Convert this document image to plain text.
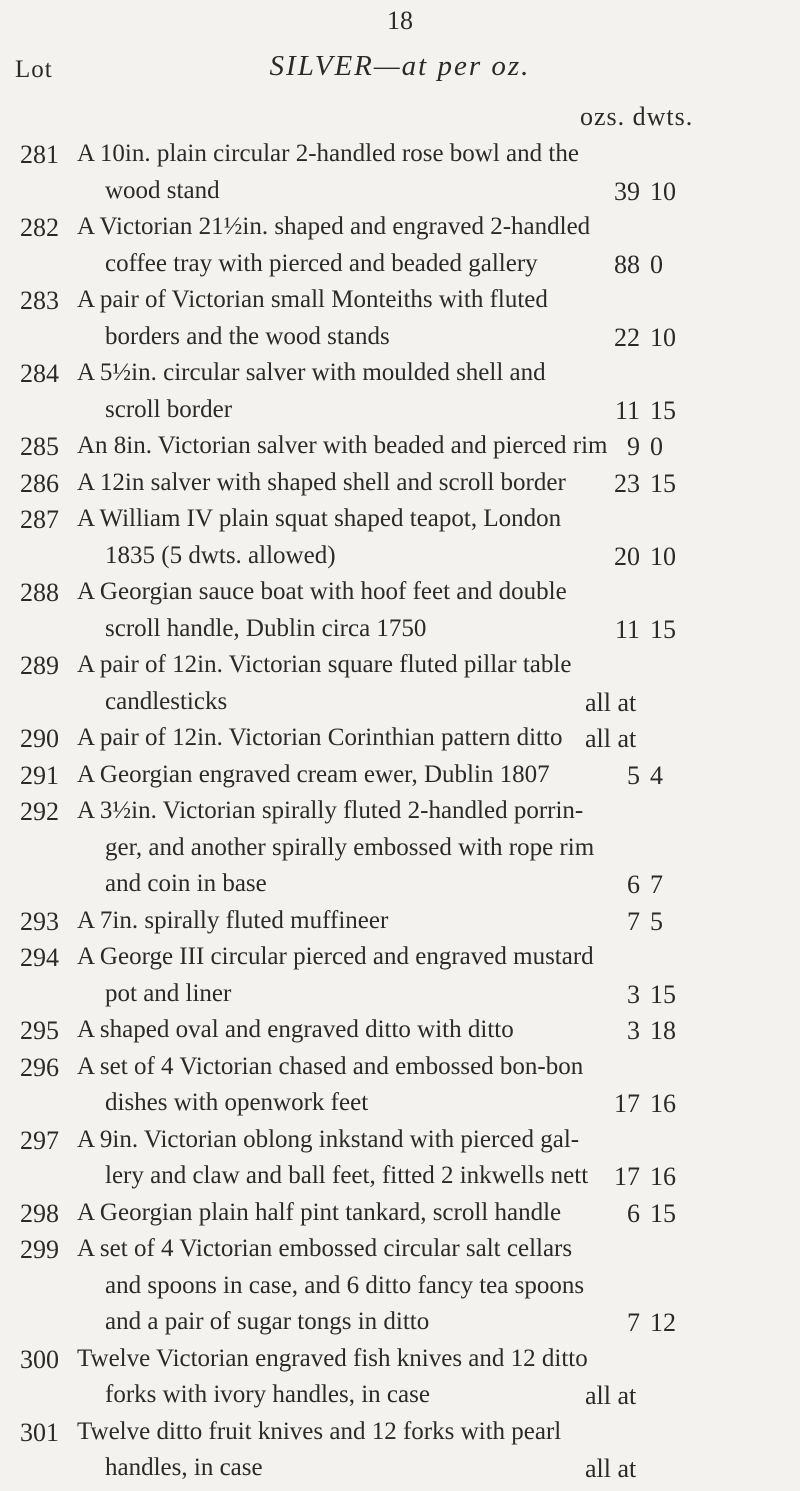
18
Lot	SILVER—at per oz.
ozs. dwts.
281 A 10in. plain circular 2-handled rose bowl and the
wood stand	39 10
282 A Victorian 21½in. shaped and engraved 2-handled
coffee tray with pierced and beaded gallery	88 0
283 A pair of Victorian small Monteiths with fluted
borders and the wood stands	22 10
284 A 5½in. circular salver with moulded shell and
scroll border	11 15
285 An 8in. Victorian salver with beaded and pierced rim 9 0
286 A 12in salver with shaped shell and scroll border	23 15
287 A William IV plain squat shaped teapot, London
1835 (5 dwts. allowed)	20 10
288 A Georgian sauce boat with hoof feet and double
scroll handle, Dublin circa 1750	11 15
289 A pair of 12in. Victorian square fluted pillar table
candlesticks	all at
290 A pair of 12in. Victorian Corinthian pattern ditto all at
291 A Georgian engraved cream ewer, Dublin 1807	5 4
292 A 3½in. Victorian spirally fluted 2-handled porrin-
ger, and another spirally embossed with rope rim
and coin in base	6 7
293 A 7in. spirally fluted muffineer	7 5
294 A George III circular pierced and engraved mustard
pot and liner	3 15
295 A shaped oval and engraved ditto with ditto	3 18
296 A set of 4 Victorian chased and embossed bon-bon
dishes with openwork feet	17 16
297 A 9in. Victorian oblong inkstand with pierced gal-
lery and claw and ball feet, fitted 2 inkwells nett 17 16
298 A Georgian plain half pint tankard, scroll handle	6 15
299 A set of 4 Victorian embossed circular salt cellars
and spoons in case, and 6 ditto fancy tea spoons
and a pair of sugar tongs in ditto	7 12
300 Twelve Victorian engraved fish knives and 12 ditto
forks with ivory handles, in case	all at
301 Twelve ditto fruit knives and 12 forks with pearl
handles, in case	all at
